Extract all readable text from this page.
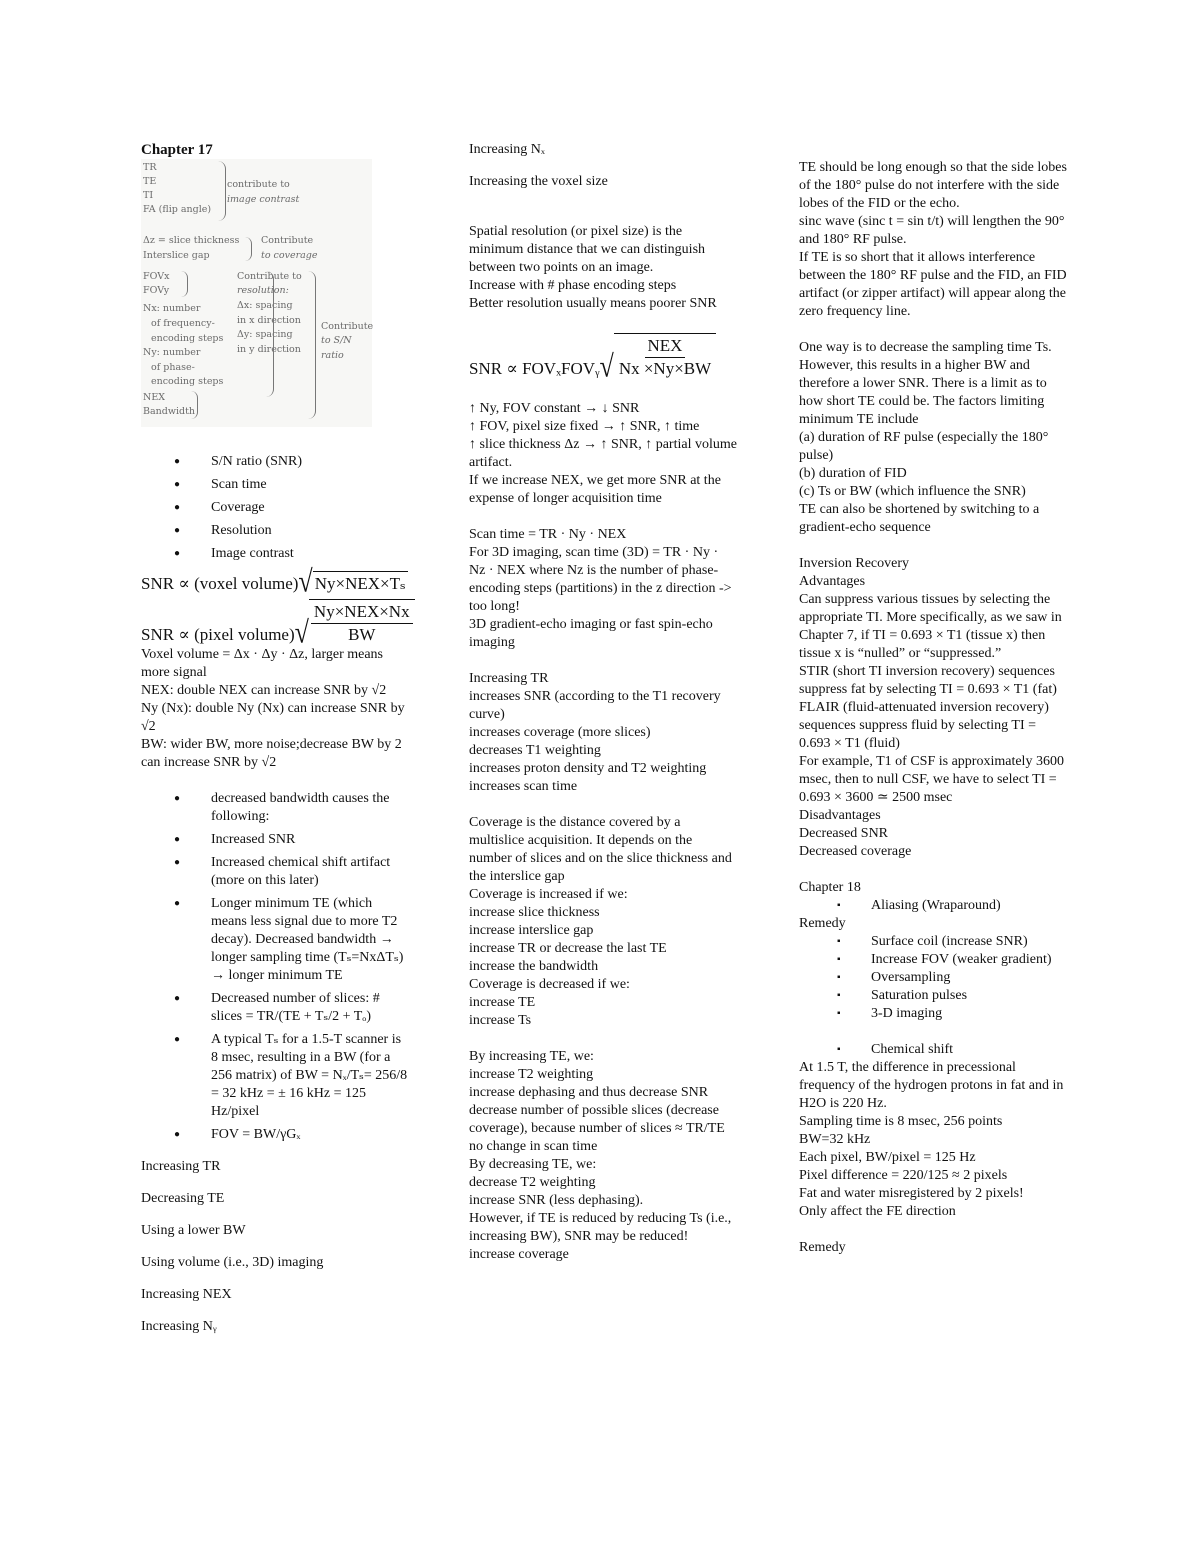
Chapter 17
TR
TE
TI
FA (flip angle)
contribute to
image contrast
Δz = slice thickness
Interslice gap
Contribute
to coverage
FOVx
FOVy
Nx: number
of frequency-
encoding steps
Ny: number
of phase-
encoding steps
NEX
Bandwidth
Contribute to
resolution:
Δx: spacing
in x direction
Δy: spacing
in y direction
Contribute
to S/N
ratio
● S/N ratio (SNR)
● Scan time
● Coverage
● Resolution
● Image contrast
SNR ∝ (voxel volume) √ Ny×NEX×Tₛ
SNR ∝ (pixel volume) √ $\frac{\text{Ny×NEX×Nx}}{BW}$
Voxel volume = Δx · Δy · Δz, larger means more signal
NEX: double NEX can increase SNR by √2
Ny (Nx): double Ny (Nx) can increase SNR by √2
BW: wider BW, more noise;decrease BW by 2 can increase SNR by √2
● decreased bandwidth causes the following:
● Increased SNR
● Increased chemical shift artifact (more on this later)
● Longer minimum TE (which means less signal due to more T2 decay). Decreased bandwidth → longer sampling time (Tₛ=NxΔTₛ) → longer minimum TE
● Decreased number of slices: # slices = TR/(TE + Tₛ/2 + Tₒ)
● A typical Tₛ for a 1.5-T scanner is 8 msec, resulting in a BW (for a 256 matrix) of BW = Nₓ/Tₛ= 256/8 = 32 kHz = ± 16 kHz = 125 Hz/pixel
● FOV = BW/γGₓ
Increasing TR
Decreasing TE
Using a lower BW
Using volume (i.e., 3D) imaging
Increasing NEX
Increasing Nᵧ
Increasing Nₓ
Increasing the voxel size
Spatial resolution (or pixel size) is the minimum distance that we can distinguish between two points on an image.
Increase with # phase encoding steps
Better resolution usually means poorer SNR
SNR ∝ FOVₓFOVᵧ √ $\frac{\text{NEX}}{Nx \times Ny\times BW}$
↑ Ny, FOV constant → ↓ SNR
↑ FOV, pixel size fixed → ↑ SNR, ↑ time
↑ slice thickness Δz → ↑ SNR, ↑ partial volume artifact.
If we increase NEX, we get more SNR at the expense of longer acquisition time
Scan time = TR · Ny · NEX
For 3D imaging, scan time (3D) = TR · Ny · Nz · NEX where Nz is the number of phase-encoding steps (partitions) in the z direction -> too long!
3D gradient-echo imaging or fast spin-echo imaging
Increasing TR
increases SNR (according to the T1 recovery curve)
increases coverage (more slices)
decreases T1 weighting
increases proton density and T2 weighting
increases scan time
Coverage is the distance covered by a multislice acquisition. It depends on the number of slices and on the slice thickness and the interslice gap
Coverage is increased if we:
increase slice thickness
increase interslice gap
increase TR or decrease the last TE
increase the bandwidth
Coverage is decreased if we:
increase TE
increase Ts
By increasing TE, we:
increase T2 weighting
increase dephasing and thus decrease SNR
decrease number of possible slices (decrease coverage), because number of slices ≈ TR/TE
no change in scan time
By decreasing TE, we:
decrease T2 weighting
increase SNR (less dephasing).
However, if TE is reduced by reducing Ts (i.e., increasing BW), SNR may be reduced!
increase coverage
TE should be long enough so that the side lobes of the 180° pulse do not interfere with the side lobes of the FID or the echo.
sinc wave (sinc t = sin t/t) will lengthen the 90° and 180° RF pulse.
If TE is so short that it allows interference between the 180° RF pulse and the FID, an FID artifact (or zipper artifact) will appear along the zero frequency line.
One way is to decrease the sampling time Ts. However, this results in a higher BW and therefore a lower SNR. There is a limit as to how short TE could be. The factors limiting minimum TE include
(a) duration of RF pulse (especially the 180° pulse)
(b) duration of FID
(c) Ts or BW (which influence the SNR)
TE can also be shortened by switching to a gradient-echo sequence
Inversion Recovery
Advantages
Can suppress various tissues by selecting the appropriate TI. More specifically, as we saw in Chapter 7, if TI = 0.693 × T1 (tissue x) then tissue x is “nulled” or “suppressed.”
STIR (short TI inversion recovery) sequences suppress fat by selecting TI = 0.693 × T1 (fat)
FLAIR (fluid-attenuated inversion recovery) sequences suppress fluid by selecting TI = 0.693 × T1 (fluid)
For example, T1 of CSF is approximately 3600 msec, then to null CSF, we have to select TI = 0.693 × 3600 ≃ 2500 msec
Disadvantages
Decreased SNR
Decreased coverage
Chapter 18
▪ Aliasing (Wraparound)
Remedy
▪ Surface coil (increase SNR)
▪ Increase FOV (weaker gradient)
▪ Oversampling
▪ Saturation pulses
▪ 3-D imaging
▪ Chemical shift
At 1.5 T, the difference in precessional frequency of the hydrogen protons in fat and in H2O is 220 Hz.
Sampling time is 8 msec, 256 points
BW=32 kHz
Each pixel, BW/pixel = 125 Hz
Pixel difference = 220/125 ≈ 2 pixels
Fat and water misregistered by 2 pixels!
Only affect the FE direction
Remedy
